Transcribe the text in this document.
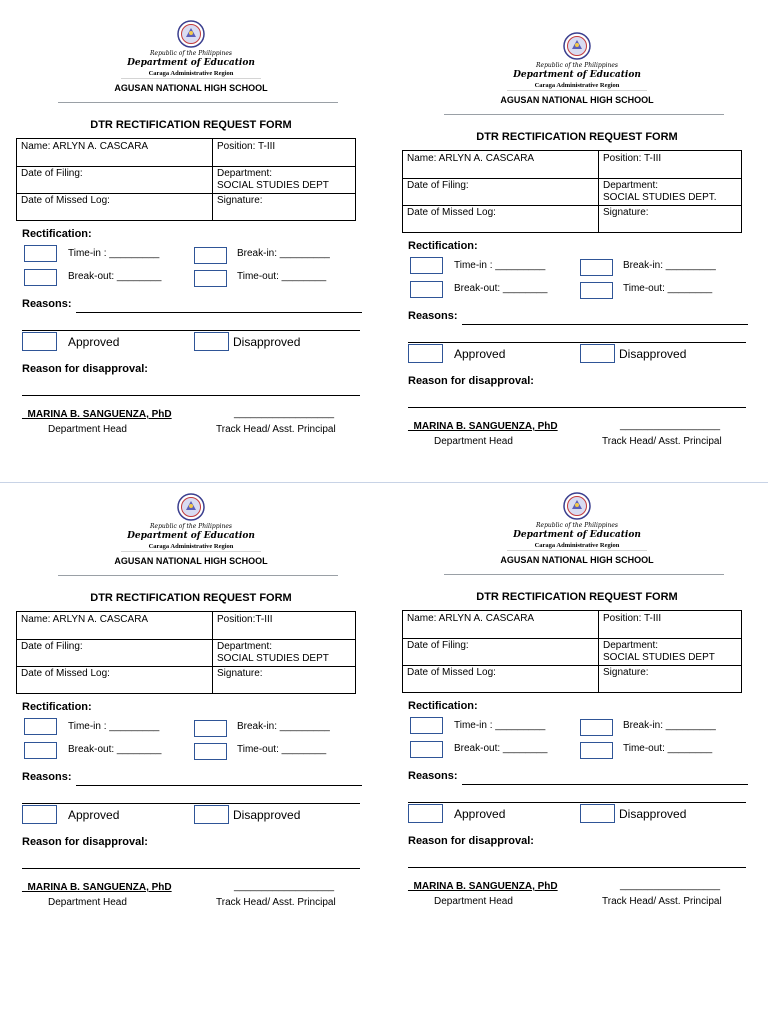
Republic of the Philippines
Department of Education
Caraga Administrative Region
AGUSAN NATIONAL HIGH SCHOOL
DTR RECTIFICATION REQUEST FORM
Name: ARLYN A. CASCARA	Position: T-III
Date of Filing:	Department:
SOCIAL STUDIES DEPT
Date of Missed Log:	Signature:
Rectification:
Time-in : _________	Break-in: _________
Break-out: ________	Time-out: ________
Reasons:
Approved	Disapproved
Reason for disapproval:
_MARINA B. SANGUENZA, PhD	__________________
Department Head	Track Head/ Asst. Principal
Republic of the Philippines
Department of Education
Caraga Administrative Region
AGUSAN NATIONAL HIGH SCHOOL
DTR RECTIFICATION REQUEST FORM
Name: ARLYN A. CASCARA	Position: T-III
Date of Filing:	Department:
SOCIAL STUDIES DEPT.
Date of Missed Log:	Signature:
Rectification:
Time-in : _________	Break-in: _________
Break-out: ________	Time-out: ________
Reasons:
Approved	Disapproved
Reason for disapproval:
_MARINA B. SANGUENZA, PhD	__________________
Department Head	Track Head/ Asst. Principal
Republic of the Philippines
Department of Education
Caraga Administrative Region
AGUSAN NATIONAL HIGH SCHOOL
DTR RECTIFICATION REQUEST FORM
Name: ARLYN A. CASCARA	Position:T-III
Date of Filing:	Department:
SOCIAL STUDIES DEPT
Date of Missed Log:	Signature:
Rectification:
Time-in : _________	Break-in: _________
Break-out: ________	Time-out: ________
Reasons:
Approved	Disapproved
Reason for disapproval:
_MARINA B. SANGUENZA, PhD	__________________
Department Head	Track Head/ Asst. Principal
Republic of the Philippines
Department of Education
Caraga Administrative Region
AGUSAN NATIONAL HIGH SCHOOL
DTR RECTIFICATION REQUEST FORM
Name: ARLYN A. CASCARA	Position: T-III
Date of Filing:	Department:
SOCIAL STUDIES DEPT
Date of Missed Log:	Signature:
Rectification:
Time-in : _________	Break-in: _________
Break-out: ________	Time-out: ________
Reasons:
Approved	Disapproved
Reason for disapproval:
_MARINA B. SANGUENZA, PhD	__________________
Department Head	Track Head/ Asst. Principal
